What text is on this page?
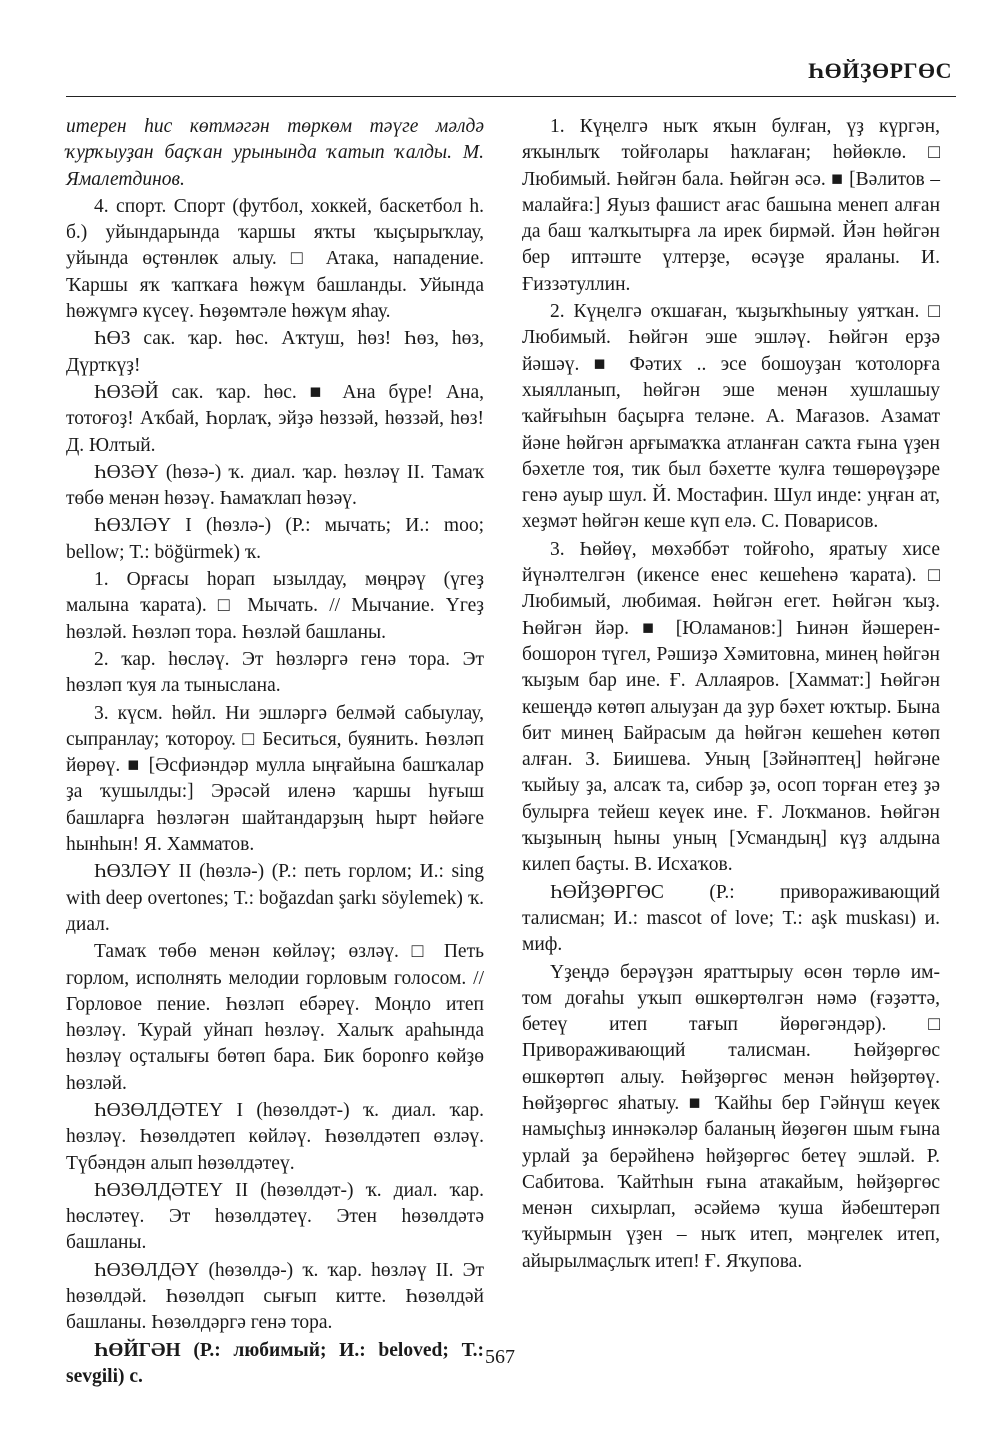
ҺӨЙҘӨРГӨС

итерен һис көтмәгән төркөм тәүге мәлдә ҡурҡыуҙан баҫҡан урынында ҡатып ҡалды. М. Ямалетдинов.

4. спорт. Спорт (футбол, хоккей, баскетбол һ. б.) уйындарында ҡаршы яҡты ҡыҫырыҡлау, уйында өҫтөнлөк алыу. □ Атака, нападение. Ҡаршы яҡ ҡапҡаға һөжүм башланды. Уйында һөжүмгә күсеү. Һөҙөмтәле һөжүм яһау.

ҺӨЗ сак. ҡар. һөс. Аҡтуш, һөз! Һөз, һөз, Дүрткүҙ!

ҺӨЗӘЙ сак. ҡар. һөс. ■ Ана бүре! Ана, тотоғоҙ! Аҡбай, Һорлаҡ, эйҙә һөззәй, һөззәй, һөз! Д. Юлтый.

ҺӨЗӘҮ (һөзә-) ҡ. диал. ҡар. һөзләү II. Тамаҡ төбө менән һөзәү. Һамаҡлап һөзәү.

ҺӨЗЛӘҮ I (һөзлә-) (Р.: мычать; И.: moo; bellow; Т.: böğürmek) ҡ.

1. Орғасы һорап ызылдау, мөңрәү (үгеҙ малына ҡарата). □ Мычать. // Мычание. Үгеҙ һөзләй. Һөзләп тора. Һөзләй башланы.

2. ҡар. һөсләү. Эт һөзләргә генә тора. Эт һөзләп ҡуя ла тыныслана.

3. күсм. һөйл. Ни эшләргә белмәй сабыулау, сыпранлау; ҡотороу. □ Беситься, буянить. Һөзләп йөрөү. ■ [Әсфиәндәр мулла ыңғайына башҡалар ҙа ҡушылды:] Эрәсәй иленә ҡаршы һуғыш башларға һөзләгән шайтандарҙың һырт һөйәге һынһын! Я. Хамматов.

ҺӨЗЛӘҮ II (һөзлә-) (Р.: петь горлом; И.: sing with deep overtones; Т.: boğazdan şarkı söylemek) ҡ. диал.

Тамаҡ төбө менән көйләү; өзләү. □ Петь горлом, исполнять мелодии горловым голосом. // Горловое пение. Һөзләп ебәреү. Моңло итеп һөзләү. Ҡурай уйнап һөзләү. Халыҡ араһында һөзләү оҫталығы бөтөп бара. Бик борonғо көйҙө һөзләй.

ҺӨЗӨЛДӘТЕҮ I (һөзөлдәт-) ҡ. диал. ҡар. һөзләү. Һөзөлдәтеп көйләү. Һөзөлдәтеп өзләү. Түбәндән алып һөзөлдәтеү.

ҺӨЗӨЛДӘТЕҮ II (һөзөлдәт-) ҡ. диал. ҡар. һөсләтеү. Эт һөзөлдәтеү. Этен һөзөлдәтә башланы.

ҺӨЗӨЛДӘҮ (һөзөлдә-) ҡ. ҡар. һөзләү II. Эт һөзөлдәй. Һөзөлдәп сығып китте. Һөзөлдәй башланы. Һөзөлдәргә генә тора.

ҺӨЙГӘН (Р.: любимый; И.: beloved; Т.: sevgili) с.

1. Күңелгә ныҡ яҡын булған, үҙ күргән, яҡынлыҡ тойғолары һаҡлаған; һөйөклө. □ Любимый. Һөйгән бала. Һөйгән әсә. ■ [Вәлитов – малайға:] Яуыз фашист ағас башына менеп алған да баш ҡалҡытырға ла ирек бирмәй. Йән һөйгән бер иптәште үлтерҙе, өсәүҙе яраланы. И. Ғиззәтуллин.

2. Күңелгә оҡшаған, ҡыҙыҡһыныу уятҡан. □ Любимый. Һөйгән эше эшләү. Һөйгән ерҙә йәшәү. ■ Фәтих .. эсе бошоуҙан ҡотолорға хыялланып, һөйгән эше менән хушлашыу ҡайғыһын баҫырға теләне. А. Мағазов. Азамат йәне һөйгән арғымаҡҡа атланған саҡта ғына үҙен бәхетле тоя, тик был бәхетте ҡулға төшөрөүҙәре генә ауыр шул. Й. Мостафин. Шул инде: уңған ат, хеҙмәт һөйгән кеше күп елә. С. Поварисов.

3. Һөйөү, мөхәббәт тойғоһо, яратыу хисе йүнәлтелгән (икенсе енес кешеһенә ҡарата). □ Любимый, любимая. Һөйгән егет. Һөйгән ҡыҙ. Һөйгән йәр. ■ [Юламанов:] Һинән йәшерен-бошорон түгел, Рәшиҙә Хәмитовна, минең һөйгән ҡыҙым бар ине. Ғ. Аллаяров. [Хаммат:] Һөйгән кешеңдә көтөп алыуҙан да ҙур бәхет юҡтыр. Бына бит минең Байрасым да һөйгән кешеһен көтөп алған. З. Биишева. Уның [Зәйнәптең] һөйгәне ҡыйыу ҙа, алсаҡ та, сибәр ҙә, осоп торған етеҙ ҙә булырға тейеш кеүек ине. Ғ. Лоҡманов. Һөйгән ҡыҙының һыны уның [Усмандың] күҙ алдына килеп баҫты. В. Исхаҡов.

ҺӨЙҘӨРГӨС (Р.: привораживающий талисман; И.: mascot of love; Т.: aşk muskası) и. миф.

Үҙеңдә берәүҙән яраттырыу өсөн төрлө им-том доғаһы уҡып өшкөртөлгән нәмә (ғәҙәттә, бетеү итеп тағып йөрөгәндәр). □ Привораживающий талисман. Һөйҙөргөс өшкөртөп алыу. Һөйҙөргөс менән һөйҙөртөү. Һөйҙөргөс яһатыу. ■ Ҡайһы бер Гәйнүш кеүек намыҫһыҙ иннәкәләр баланың йөҙөгөн шым ғына урлай ҙа берәйһенә һөйҙөргөс бетеү эшләй. Р. Сабитова. Ҡайтһын ғына атакайым, һөйҙөргөс менән сихырлап, әсәйемә ҡуша йәбештерәп ҡуйырмын үҙен – ныҡ итеп, мәңгелек итеп, айырылмаҫлыҡ итеп! Ғ. Яҡупова.

567
